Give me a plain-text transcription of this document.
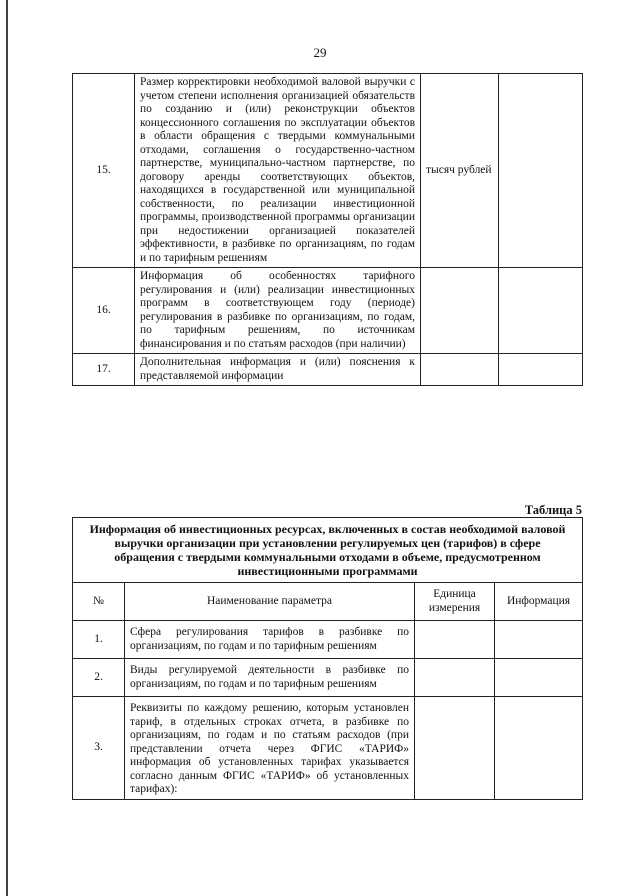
29
15.	Размер корректировки необходимой валовой выручки с учетом степени исполнения организацией обязательств по созданию и (или) реконструкции объектов концессионного соглашения по эксплуатации объектов в области обращения с твердыми коммунальными отходами, соглашения о государственно-частном партнерстве, муниципально-частном партнерстве, по договору аренды соответствующих объектов, находящихся в государственной или муниципальной собственности, по реализации инвестиционной программы, производственной программы организации при недостижении организацией показателей эффективности, в разбивке по организациям, по годам и по тарифным решениям	тысяч рублей	
16.	Информация об особенностях тарифного регулирования и (или) реализации инвестиционных программ в соответствующем году (периоде) регулирования в разбивке по организациям, по годам, по тарифным решениям, по источникам финансирования и по статьям расходов (при наличии)		
17.	Дополнительная информация и (или) пояснения к представляемой информации		
Таблица 5
Информация об инвестиционных ресурсах, включенных в состав необходимой валовой выручки организации при установлении регулируемых цен (тарифов) в сфере обращения с твердыми коммунальными отходами в объеме, предусмотренном инвестиционными программами			
№	Наименование параметра	Единица измерения	Информация
1.	Сфера регулирования тарифов в разбивке по организациям, по годам и по тарифным решениям		
2.	Виды регулируемой деятельности в разбивке по организациям, по годам и по тарифным решениям		
3.	Реквизиты по каждому решению, которым установлен тариф, в отдельных строках отчета, в разбивке по организациям, по годам и по статьям расходов (при представлении отчета через ФГИС «ТАРИФ» информация об установленных тарифах указывается согласно данным ФГИС «ТАРИФ» об установленных тарифах):		
